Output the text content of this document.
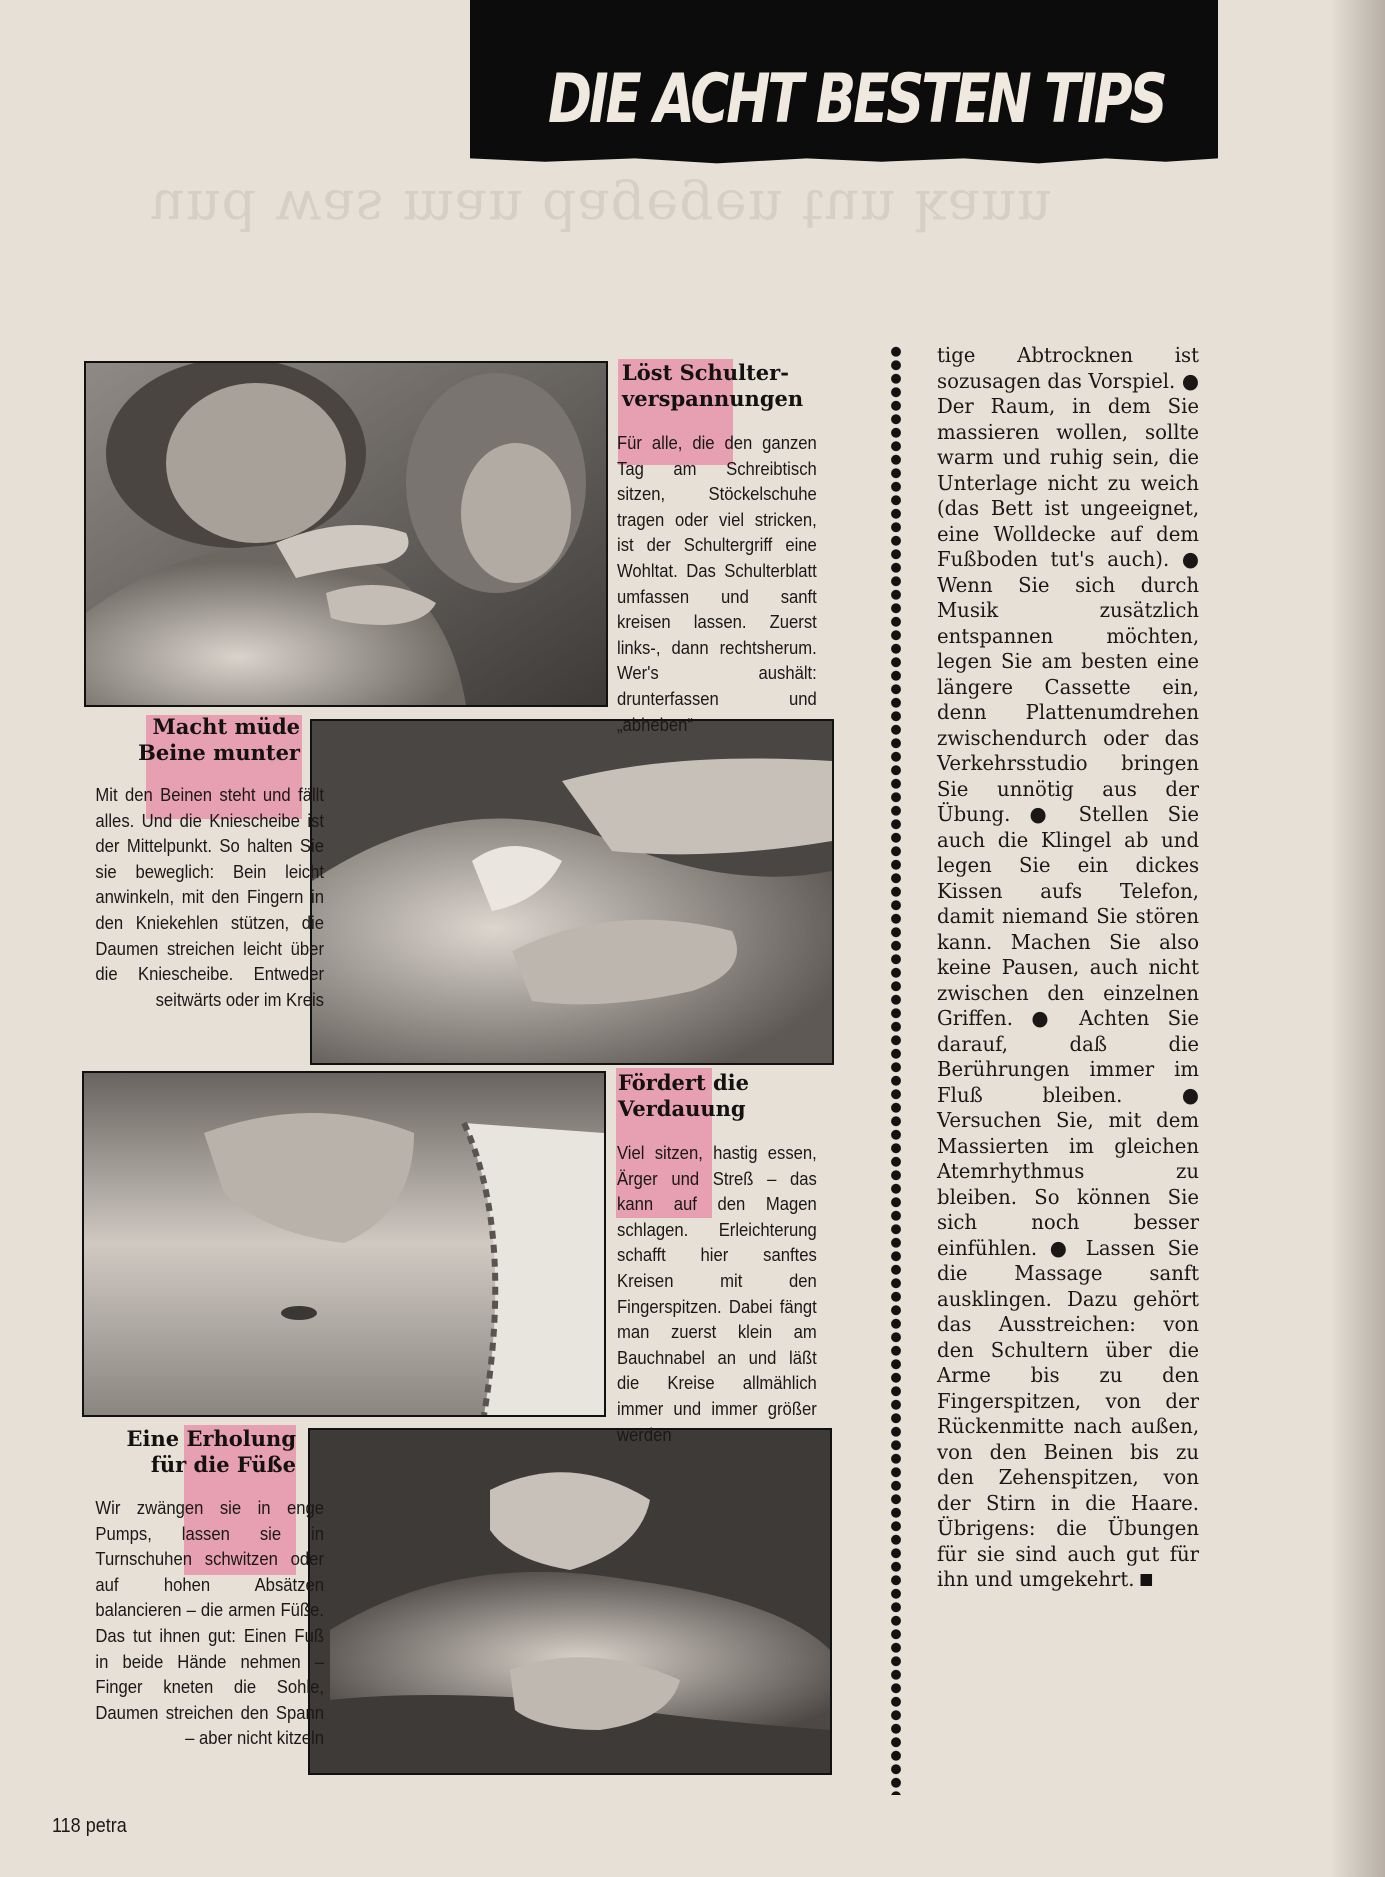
und was man dagegen tun kann
DIE ACHT BESTEN TIPS
Löst Schulter-verspannungen
Für alle, die den ganzen Tag am Schreibtisch sitzen, Stöckelschuhe tragen oder viel stricken, ist der Schultergriff eine Wohltat. Das Schulterblatt umfassen und sanft kreisen lassen. Zuerst links-, dann rechtsherum. Wer's aushält: drunterfassen und „abheben“
Macht müde Beine munter
Mit den Beinen steht und fällt alles. Und die Kniescheibe ist der Mittelpunkt. So halten Sie sie beweglich: Bein leicht anwinkeln, mit den Fingern in den Kniekehlen stützen, die Daumen streichen leicht über die Kniescheibe. Entweder seitwärts oder im Kreis
Fördert die Verdauung
Viel sitzen, hastig essen, Ärger und Streß – das kann auf den Magen schlagen. Erleichterung schafft hier sanftes Kreisen mit den Fingerspitzen. Dabei fängt man zuerst klein am Bauchnabel an und läßt die Kreise allmählich immer und immer größer werden
Eine Erholung für die Füße
Wir zwängen sie in enge Pumps, lassen sie in Turnschuhen schwitzen oder auf hohen Absätzen balancieren – die armen Füße. Das tut ihnen gut: Einen Fuß in beide Hände nehmen – Finger kneten die Sohle, Daumen streichen den Spann – aber nicht kitzeln
tige Abtrocknen ist sozusagen das Vorspiel. ● Der Raum, in dem Sie massieren wollen, sollte warm und ruhig sein, die Unterlage nicht zu weich (das Bett ist ungeeignet, eine Wolldecke auf dem Fußboden tut's auch). ● Wenn Sie sich durch Musik zusätzlich entspannen möchten, legen Sie am besten eine längere Cassette ein, denn Plattenumdrehen zwischendurch oder das Verkehrsstudio bringen Sie unnötig aus der Übung. ● Stellen Sie auch die Klingel ab und legen Sie ein dickes Kissen aufs Telefon, damit niemand Sie stören kann. Machen Sie also keine Pausen, auch nicht zwischen den einzelnen Griffen. ● Achten Sie darauf, daß die Berührungen immer im Fluß bleiben. ● Versuchen Sie, mit dem Massierten im gleichen Atemrhythmus zu bleiben. So können Sie sich noch besser einfühlen. ● Lassen Sie die Massage sanft ausklingen. Dazu gehört das Ausstreichen: von den Schultern über die Arme bis zu den Fingerspitzen, von der Rückenmitte nach außen, von den Beinen bis zu den Zehenspitzen, von der Stirn in die Haare. Übrigens: die Übungen für sie sind auch gut für ihn und umgekehrt.
118 petra
